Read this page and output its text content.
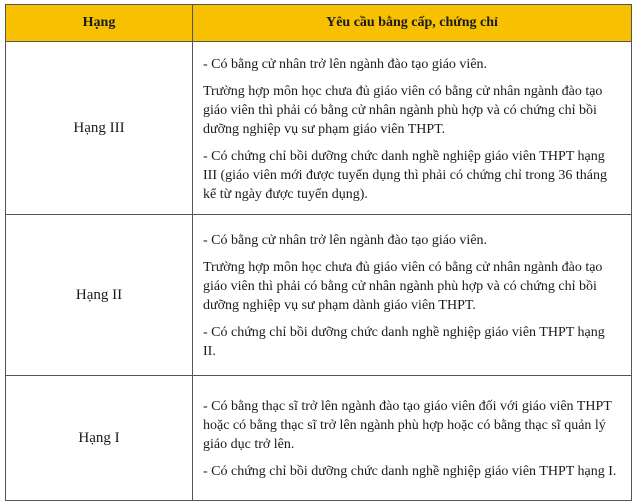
Hạng	Yêu cầu bằng cấp, chứng chỉ
Hạng III	- Có bằng cử nhân trở lên ngành đào tạo giáo viên.

Trường hợp môn học chưa đủ giáo viên có bằng cử nhân ngành đào tạo giáo viên thì phải có bằng cử nhân ngành phù hợp và có chứng chỉ bồi dưỡng nghiệp vụ sư phạm giáo viên THPT.

- Có chứng chỉ bồi dưỡng chức danh nghề nghiệp giáo viên THPT hạng III (giáo viên mới được tuyển dụng thì phải có chứng chỉ trong 36 tháng kể từ ngày được tuyển dụng).

Hạng II	- Có bằng cử nhân trở lên ngành đào tạo giáo viên.

Trường hợp môn học chưa đủ giáo viên có bằng cử nhân ngành đào tạo giáo viên thì phải có bằng cử nhân ngành phù hợp và có chứng chỉ bồi dưỡng nghiệp vụ sư phạm dành giáo viên THPT.

- Có chứng chỉ bồi dưỡng chức danh nghề nghiệp giáo viên THPT hạng II.

Hạng I	- Có bằng thạc sĩ trở lên ngành đào tạo giáo viên đối với giáo viên THPT hoặc có bằng thạc sĩ trở lên ngành phù hợp hoặc có bằng thạc sĩ quản lý giáo dục trở lên.

- Có chứng chỉ bồi dưỡng chức danh nghề nghiệp giáo viên THPT hạng I.
